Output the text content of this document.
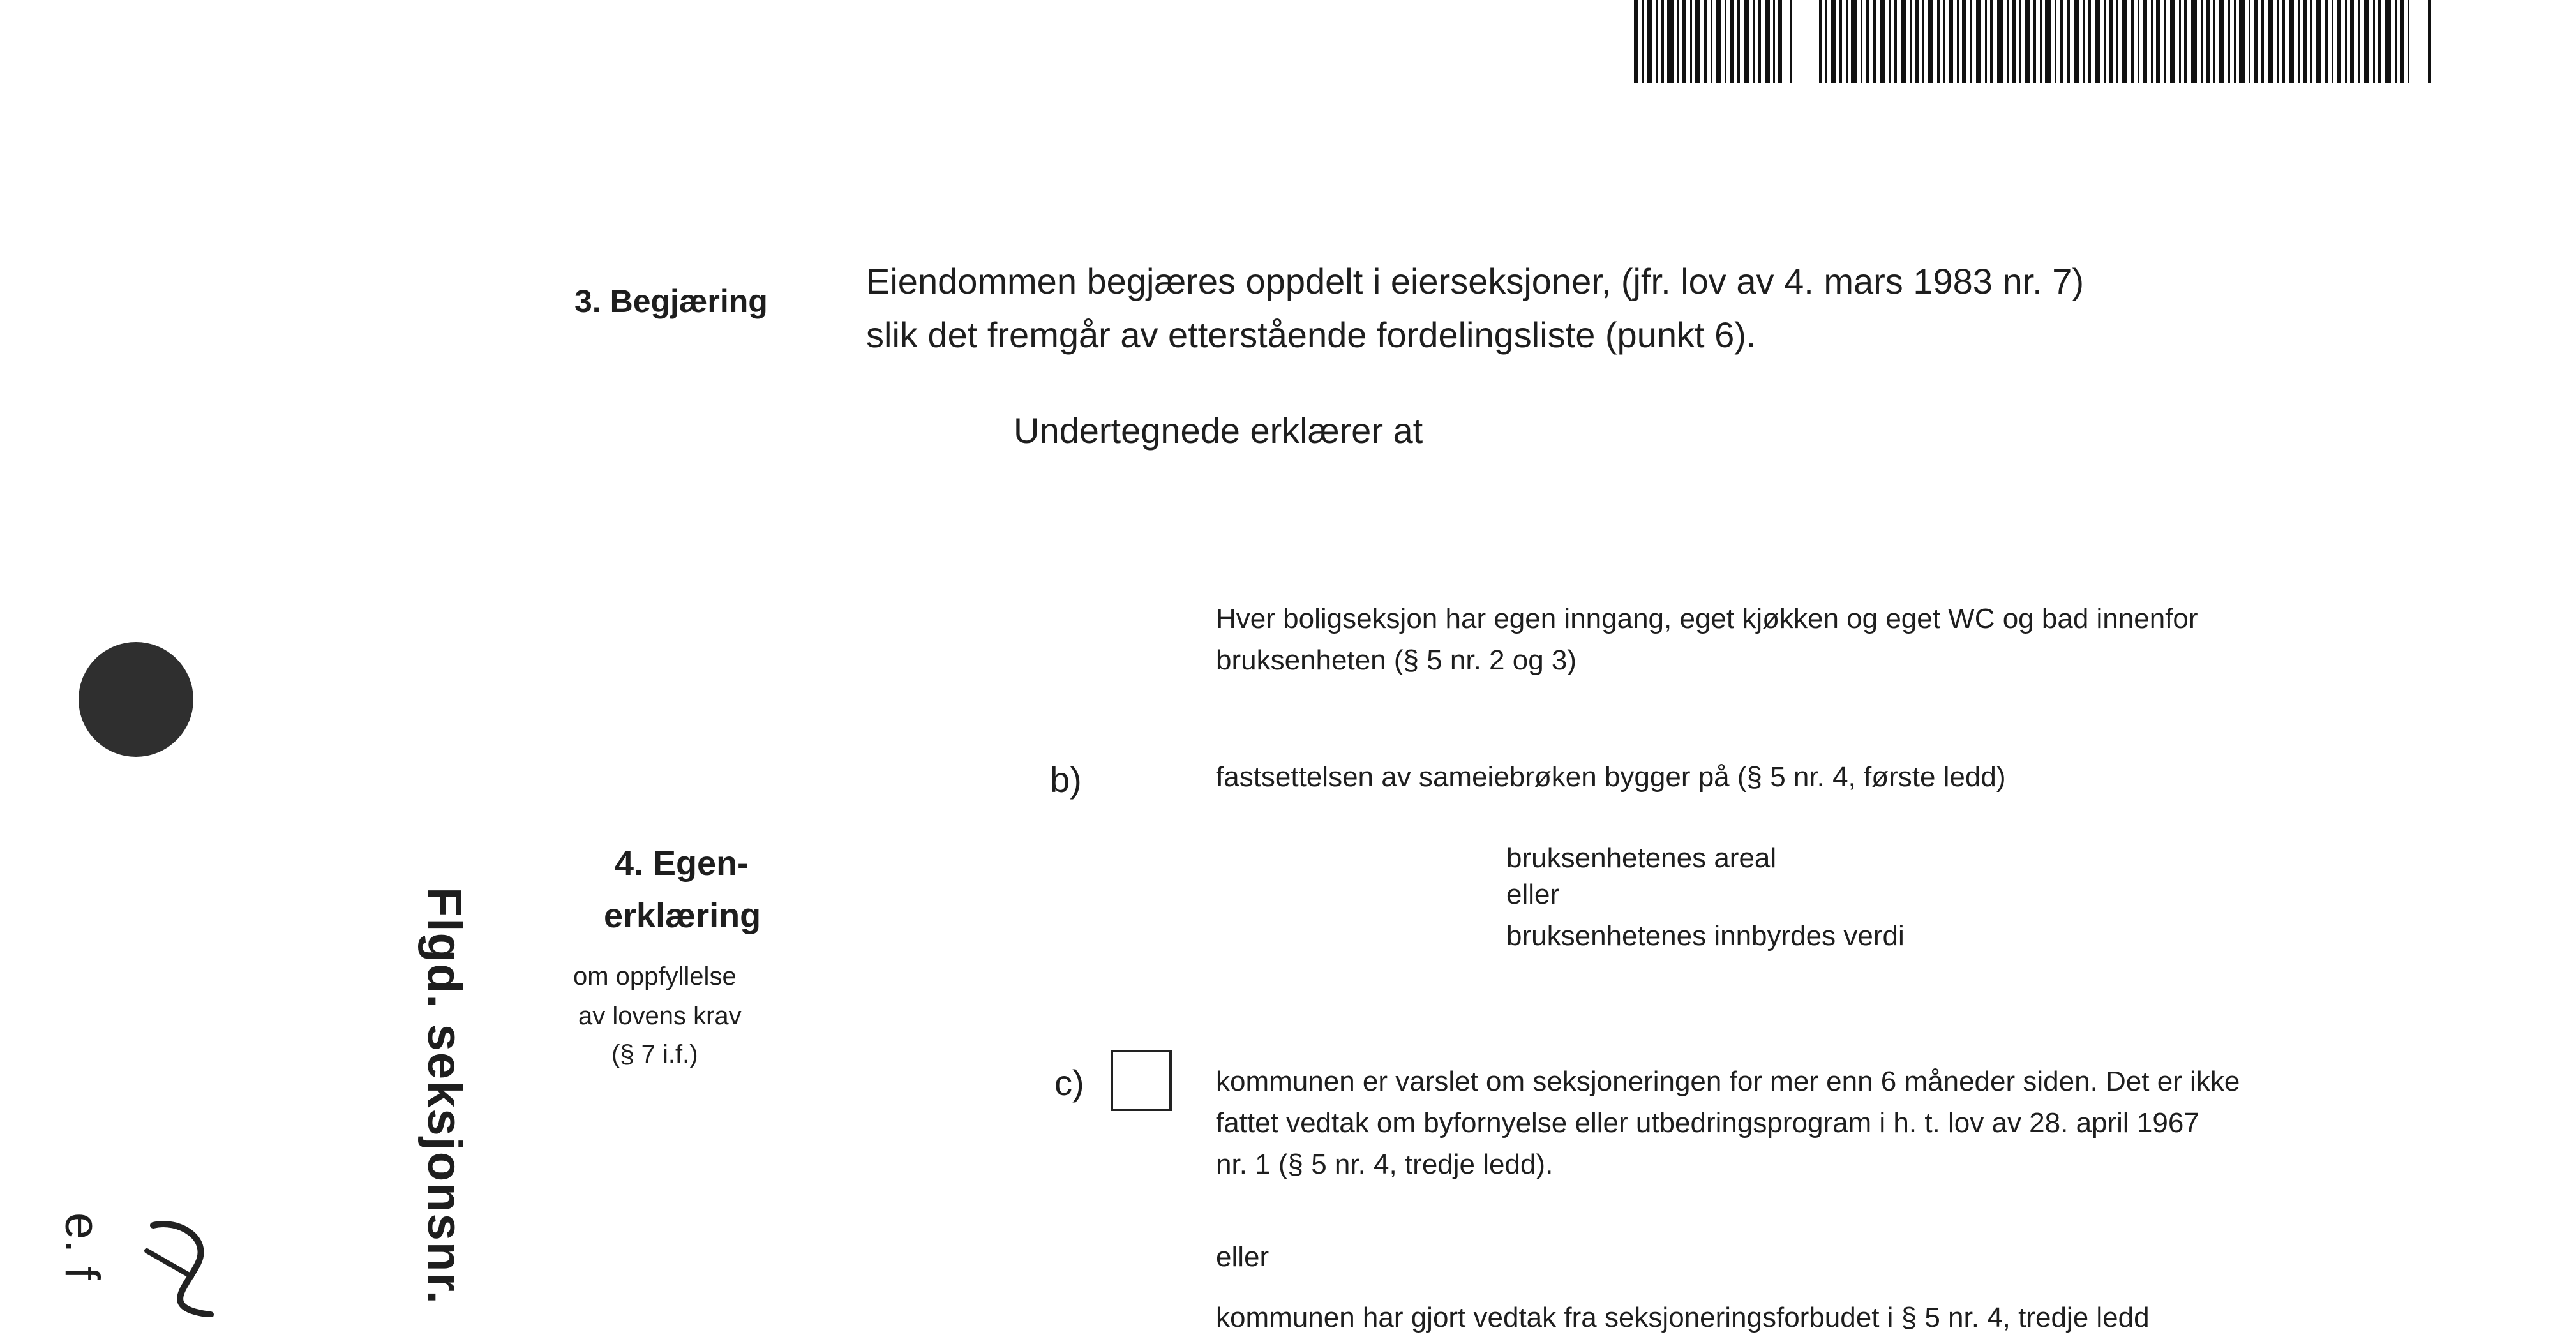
3. Begjæring	Eiendommen begjæres oppdelt i eierseksjoner, (jfr. lov av 4. mars 1983 nr. 7)
slik det fremgår av etterstående fordelingsliste (punkt 6).
Undertegnede erklærer at
Hver boligseksjon har egen inngang, eget kjøkken og eget WC og bad innenfor
bruksenheten (§ 5 nr. 2 og 3)
b)	fastsettelsen av sameiebrøken bygger på (§ 5 nr. 4, første ledd)
bruksenhetenes areal
eller
bruksenhetenes innbyrdes verdi
4. Egen-
erklæring
om oppfyllelse
av lovens krav
(§ 7 i.f.)
c)	kommunen er varslet om seksjoneringen for mer enn 6 måneder siden. Det er ikke
fattet vedtak om byfornyelse eller utbedringsprogram i h. t. lov av 28. april 1967
nr. 1 (§ 5 nr. 4, tredje ledd).
eller
kommunen har gjort vedtak fra seksjoneringsforbudet i § 5 nr. 4, tredje ledd
Flgd. seksjonsnr.
e. f
